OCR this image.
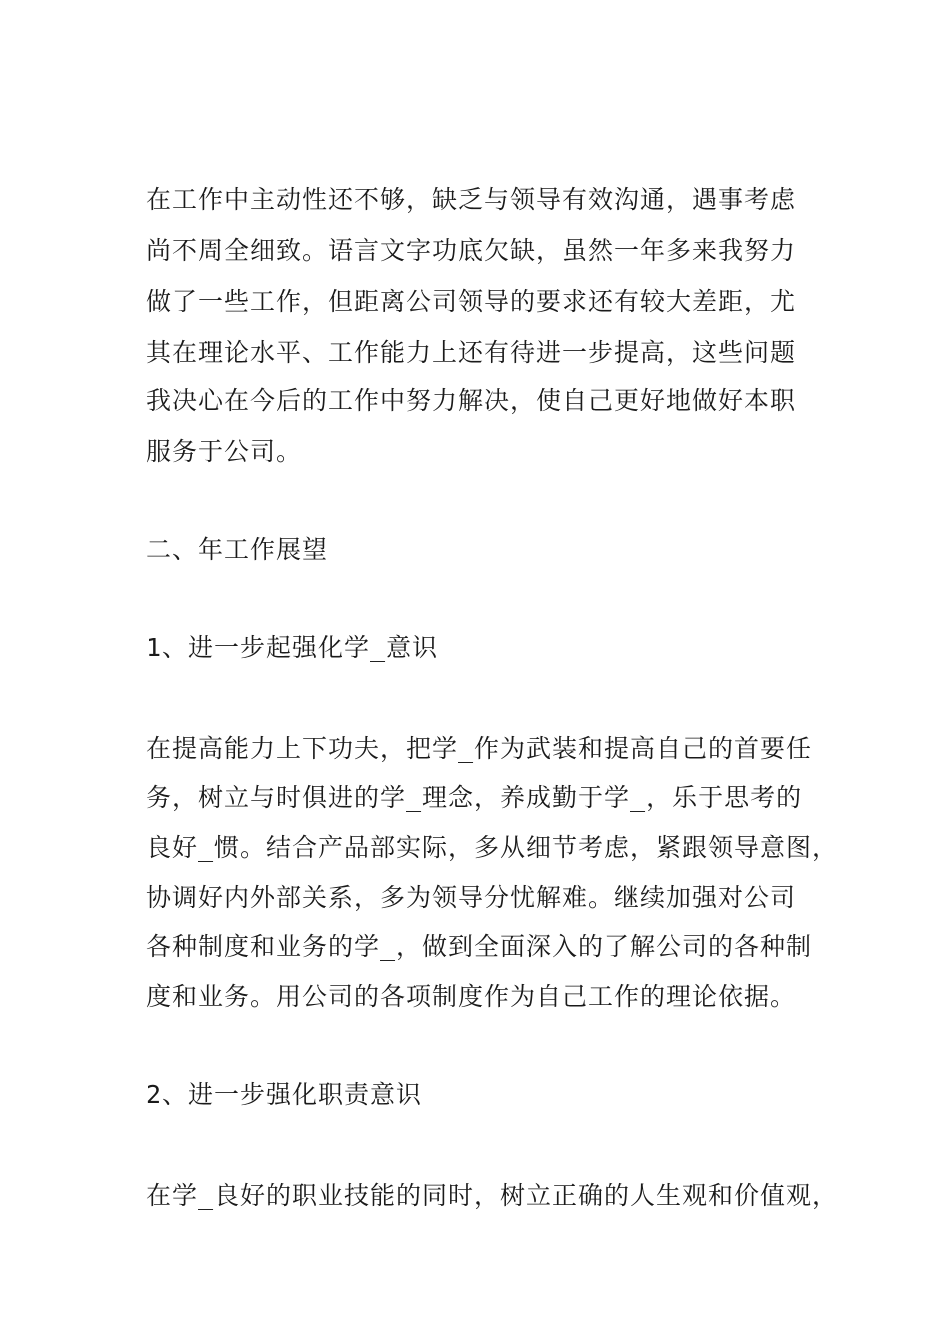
在工作中主动性还不够，缺乏与领导有效沟通，遇事考虑
尚不周全细致。语言文字功底欠缺，虽然一年多来我努力
做了一些工作，但距离公司领导的要求还有较大差距，尤
其在理论水平、工作能力上还有待进一步提高，这些问题
我决心在今后的工作中努力解决，使自己更好地做好本职
服务于公司。
二、年工作展望
1、进一步起强化学_意识
在提高能力上下功夫，把学_作为武装和提高自己的首要任
务，树立与时俱进的学_理念，养成勤于学_，乐于思考的
良好_惯。结合产品部实际，多从细节考虑，紧跟领导意图，
协调好内外部关系，多为领导分忧解难。继续加强对公司
各种制度和业务的学_，做到全面深入的了解公司的各种制
度和业务。用公司的各项制度作为自己工作的理论依据。
2、进一步强化职责意识
在学_良好的职业技能的同时，树立正确的人生观和价值观，
